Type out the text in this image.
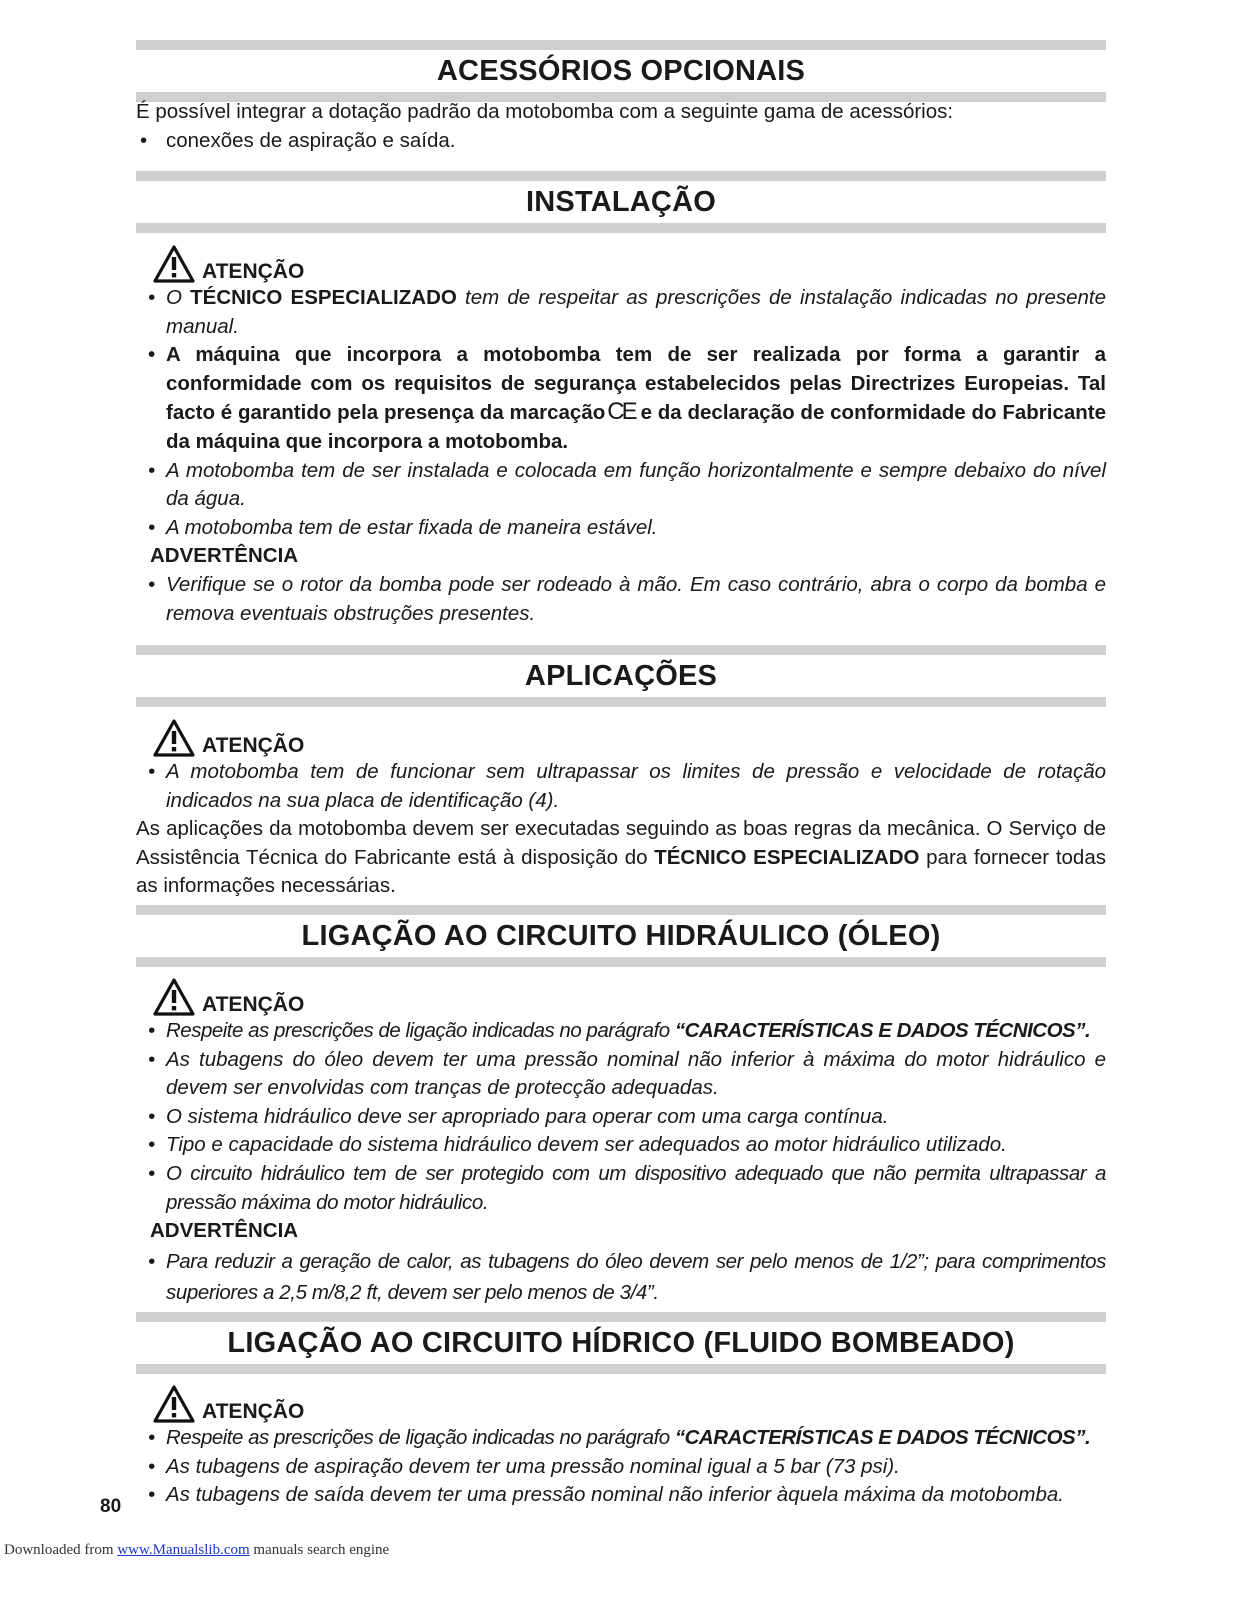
ACESSÓRIOS OPCIONAIS

É possível integrar a dotação padrão da motobomba com a seguinte gama de acessórios:

• conexões de aspiração e saída.

INSTALAÇÃO
ATENÇÃO

• O TÉCNICO ESPECIALIZADO tem de respeitar as prescrições de instalação indicadas no presente manual.

• A máquina que incorpora a motobomba tem de ser realizada por forma a garantir a conformidade com os requisitos de segurança estabelecidos pelas Directrizes Europeias. Tal facto é garantido pela presença da marcaçãoCE e da declaração de conformidade do Fabricante da máquina que incorpora a motobomba.

• A motobomba tem de ser instalada e colocada em função horizontalmente e sempre debaixo do nível da água.

• A motobomba tem de estar fixada de maneira estável.

ADVERTÊNCIA

• Verifique se o rotor da bomba pode ser rodeado à mão. Em caso contrário, abra o corpo da bomba e remova eventuais obstruções presentes.

APLICAÇÕES
ATENÇÃO

• A motobomba tem de funcionar sem ultrapassar os limites de pressão e velocidade de rotação indicados na sua placa de identificação (4).

As aplicações da motobomba devem ser executadas seguindo as boas regras da mecânica. O Serviço de Assistência Técnica do Fabricante está à disposição do TÉCNICO ESPECIALIZADO para fornecer todas as informações necessárias.

LIGAÇÃO AO CIRCUITO HIDRÁULICO (ÓLEO)
ATENÇÃO

• Respeite as prescrições de ligação indicadas no parágrafo “CARACTERÍSTICAS E DADOS TÉCNICOS”.

• As tubagens do óleo devem ter uma pressão nominal não inferior à máxima do motor hidráulico e devem ser envolvidas com tranças de protecção adequadas.

• O sistema hidráulico deve ser apropriado para operar com uma carga contínua.

• Tipo e capacidade do sistema hidráulico devem ser adequados ao motor hidráulico utilizado.

• O circuito hidráulico tem de ser protegido com um dispositivo adequado que não permita ultrapassar a pressão máxima do motor hidráulico.

ADVERTÊNCIA

• Para reduzir a geração de calor, as tubagens do óleo devem ser pelo menos de 1/2”; para comprimentos superiores a 2,5 m/8,2 ft, devem ser pelo menos de 3/4”.

LIGAÇÃO AO CIRCUITO HÍDRICO (FLUIDO BOMBEADO)
ATENÇÃO

• Respeite as prescrições de ligação indicadas no parágrafo “CARACTERÍSTICAS E DADOS TÉCNICOS”.

• As tubagens de aspiração devem ter uma pressão nominal igual a 5 bar (73 psi).

• As tubagens de saída devem ter uma pressão nominal não inferior àquela máxima da motobomba.

80
Downloaded from www.Manualslib.com manuals search engine
